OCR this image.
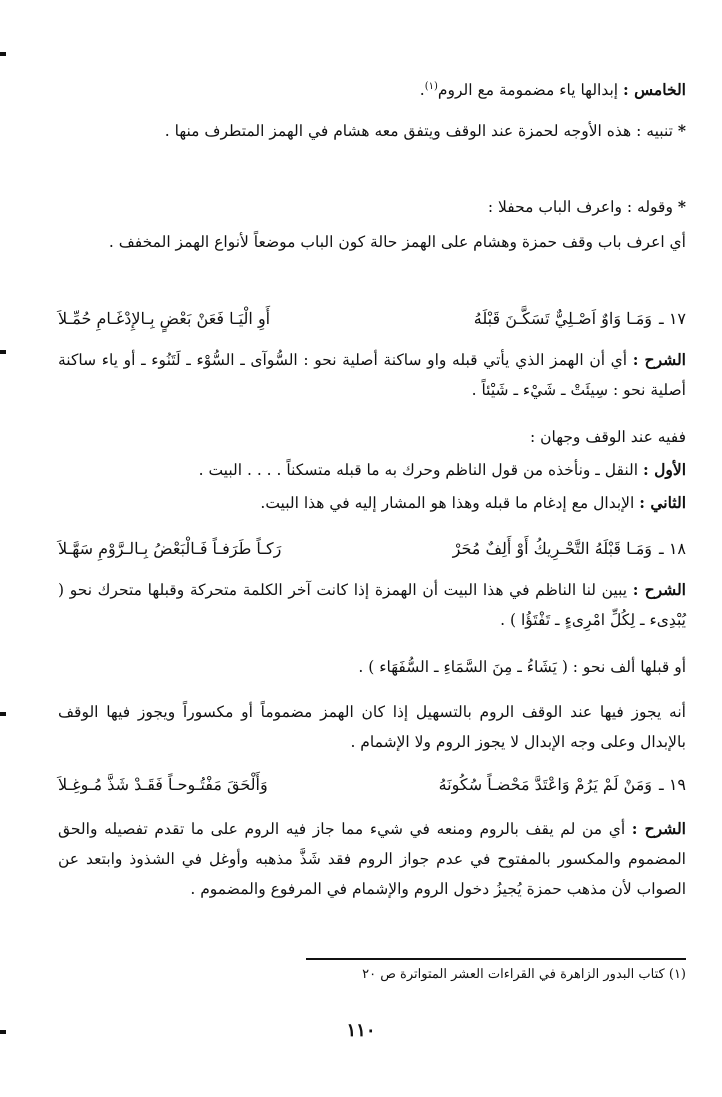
الخامس : إبدالها ياء مضمومة مع الروم$^{(١)}$.
* تنبيه : هذه الأوجه لحمزة عند الوقف ويتفق معه هشام في الهمز المتطرف منها .
* وقوله : واعرف الباب محفلا :
أي اعرف باب وقف حمزة وهشام على الهمز حالة كون الباب موضعاً لأنواع الهمز المخفف .
١٧ ـ
وَمَـا وَاوٌ اَصْـلِيٌّ تَسَكَّـنَ قَبْلَهُ
أَوِ الْيَـا فَعَنْ بَعْضٍ بِـالإِدْغَـامِ حُمِّـلاَ
الشرح : أي أن الهمز الذي يأتي قبله واو ساكنة أصلية نحو : السُّوآى ـ السُّوْء ـ لَتَنُوء ـ أو ياء ساكنة أصلية نحو : سِيئَتْ ـ شَيْء ـ شَيْئاً .
ففيه عند الوقف وجهان :
الأول : النقل ـ ونأخذه من قول الناظم وحرك به ما قبله متسكناً . . . . البيت .
الثاني : الإبدال مع إدغام ما قبله وهذا هو المشار إليه في هذا البيت.
١٨ ـ
وَمَـا قَبْلَهُ التَّحْـرِيكُ أَوْ أَلِفٌ مُحَرْ
رَكـاً طَرَفـاً فَـالْبَعْضُ بِـالـرَّوْمِ سَهَّـلاَ
الشرح : يبين لنا الناظم في هذا البيت أن الهمزة إذا كانت آخر الكلمة متحركة وقبلها متحرك نحو ( يُبْدِىء ـ لِكُلِّ امْرِىءٍ ـ تَفْتَؤُا ) .
أو قبلها ألف نحو : ( يَشَاءُ ـ مِنَ السَّمَاءِ ـ السُّفَهَاء ) .
أنه يجوز فيها عند الوقف الروم بالتسهيل إذا كان الهمز مضموماً أو مكسوراً ويجوز فيها الوقف بالإبدال وعلى وجه الإبدال لا يجوز الروم ولا الإشمام .
١٩ ـ
وَمَنْ لَمْ يَرُمْ وَاعْتَدَّ مَحْضـاً سُكُونَهُ
وَأَلْحَقَ مَفْتُـوحـاً فَقَـدْ شَذَّ مُـوغِـلاَ
الشرح : أي من لم يقف بالروم ومنعه في شيء مما جاز فيه الروم على ما تقدم تفصيله والحق المضموم والمكسور بالمفتوح في عدم جواز الروم فقد شَذَّ مذهبه وأوغل في الشذوذ وابتعد عن الصواب لأن مذهب حمزة يُجيزُ دخول الروم والإشمام في المرفوع والمضموم .
(١) كتاب البدور الزاهرة في القراءات العشر المتواترة ص ٢٠
١١٠
